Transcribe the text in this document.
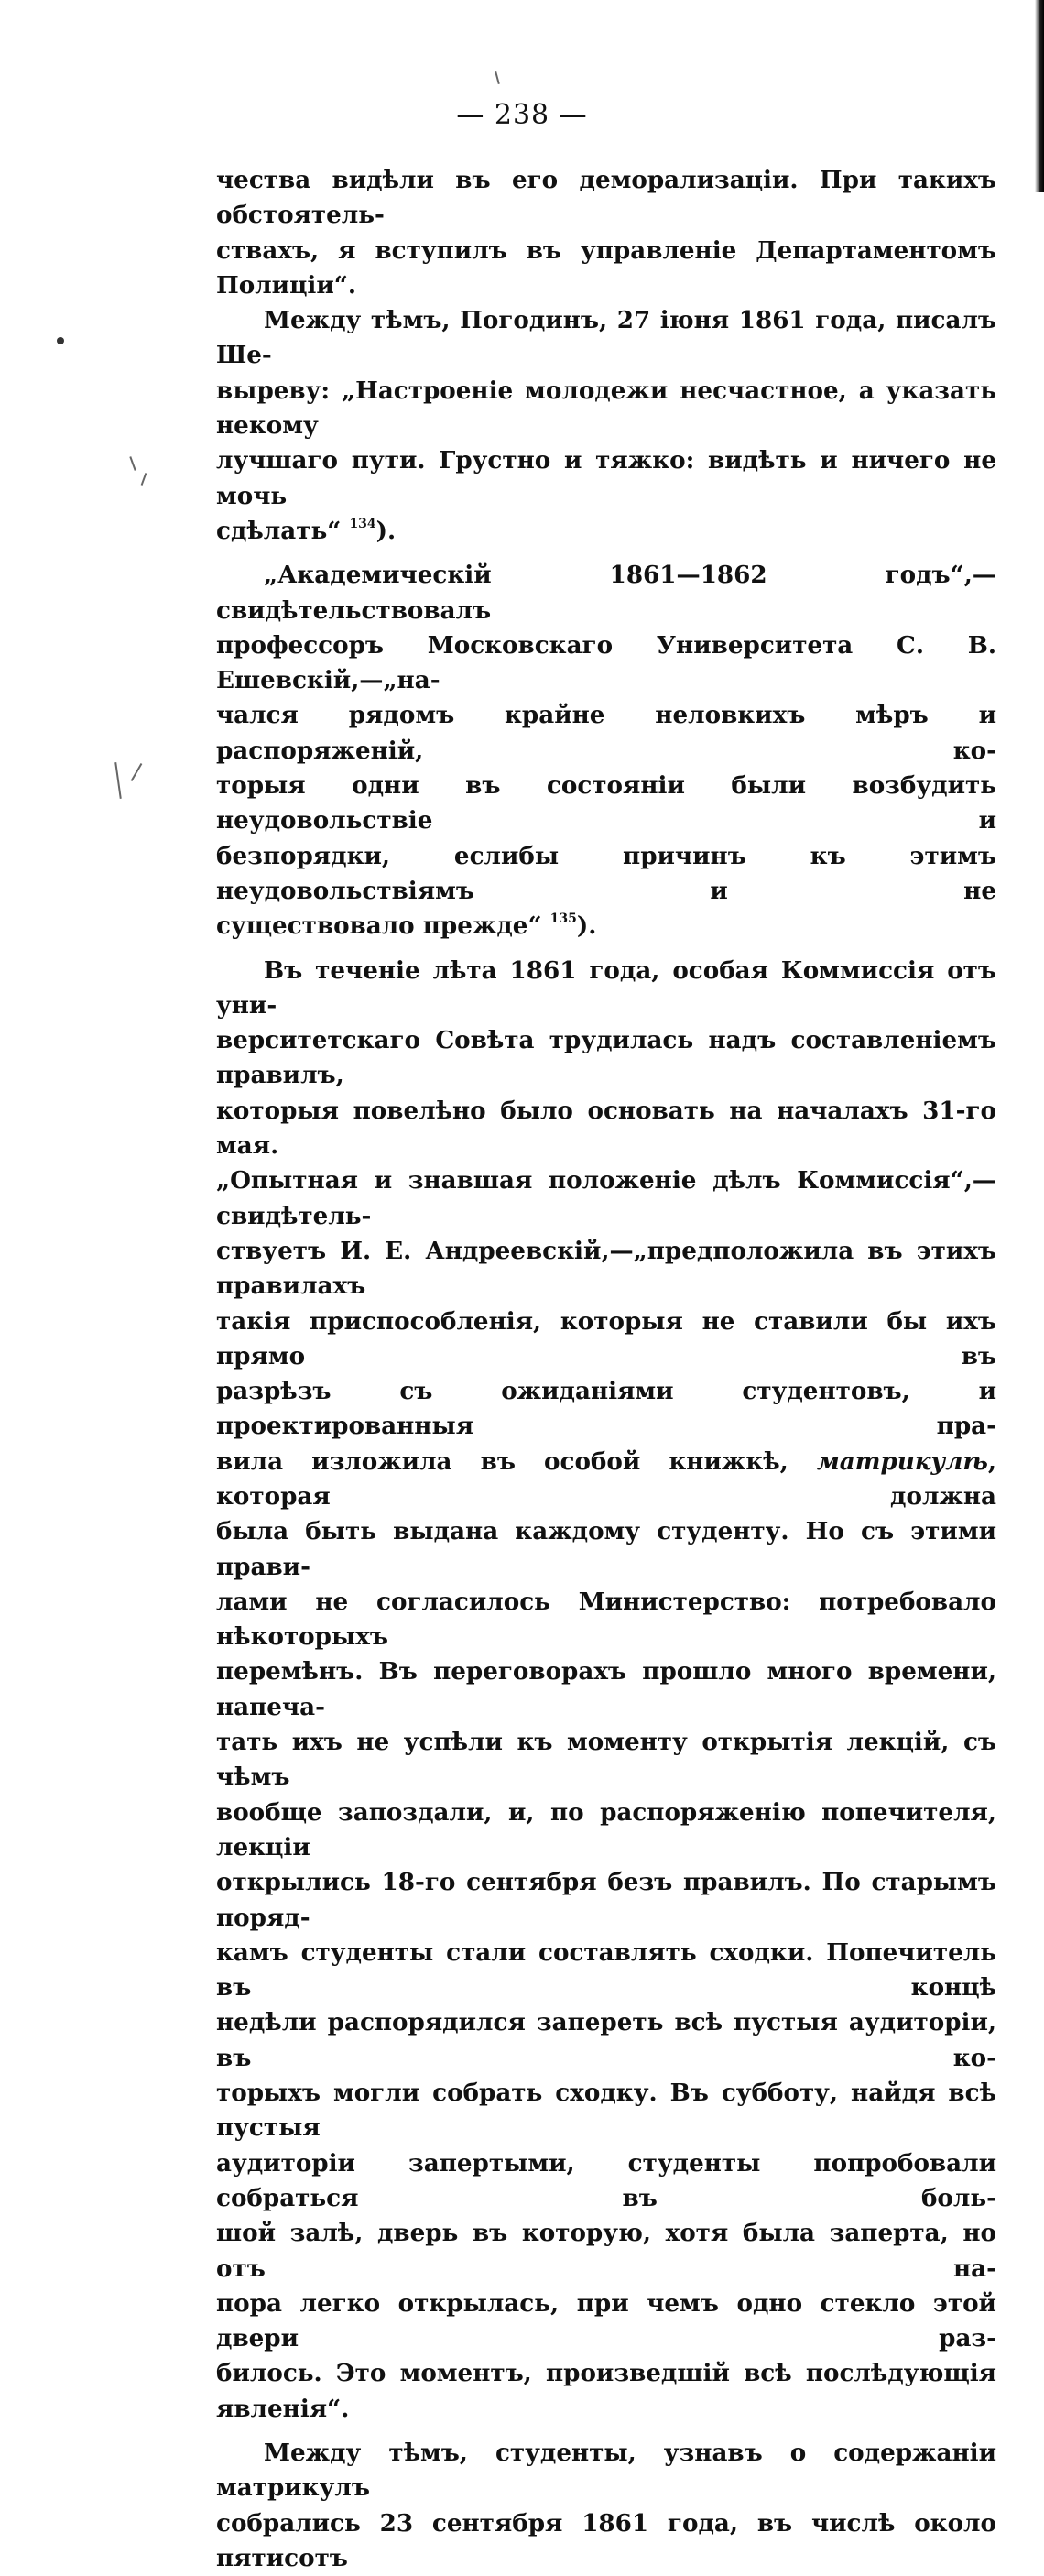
— 238 —

чества видѣли въ его деморализаціи. При такихъ обстоятель-

ствахъ, я вступилъ въ управленіе Департаментомъ Полиціи“.

Между тѣмъ, Погодинъ, 27 іюня 1861 года, писалъ Ше-

выреву: „Настроеніе молодежи несчастное, а указать некому

лучшаго пути. Грустно и тяжко: видѣть и ничего не мочь

сдѣлать“ $^{134}$).

„Академическій 1861—1862 годъ“,—свидѣтельствовалъ

профессоръ Московскаго Университета С. В. Ешевскій,—„на-

чался рядомъ крайне неловкихъ мѣръ и распоряженій, ко-

торыя одни въ состояніи были возбудить неудовольствіе и

безпорядки, еслибы причинъ къ этимъ неудовольствіямъ и не

существовало прежде“ $^{135}$).

Въ теченіе лѣта 1861 года, особая Коммиссія отъ уни-

верситетскаго Совѣта трудилась надъ составленіемъ правилъ,

которыя повелѣно было основать на началахъ 31-го мая.

„Опытная и знавшая положеніе дѣлъ Коммиссія“,—свидѣтель-

ствуетъ И. Е. Андреевскій,—„предположила въ этихъ правилахъ

такія приспособленія, которыя не ставили бы ихъ прямо въ

разрѣзъ съ ожиданіями студентовъ, и проектированныя пра-

вила изложила въ особой книжкѣ, матрикулѣ, которая должна

была быть выдана каждому студенту. Но съ этими прави-

лами не согласилось Министерство: потребовало нѣкоторыхъ

перемѣнъ. Въ переговорахъ прошло много времени, напеча-

тать ихъ не успѣли къ моменту открытія лекцій, съ чѣмъ

вообще запоздали, и, по распоряженію попечителя, лекціи

открылись 18-го сентября безъ правилъ. По старымъ поряд-

камъ студенты стали составлять сходки. Попечитель въ концѣ

недѣли распорядился запереть всѣ пустыя аудиторіи, въ ко-

торыхъ могли собрать сходку. Въ субботу, найдя всѣ пустыя

аудиторіи запертыми, студенты попробовали собраться въ боль-

шой залѣ, дверь въ которую, хотя была заперта, но отъ на-

пора легко открылась, при чемъ одно стекло этой двери раз-

билось. Это моментъ, произведшій всѣ послѣдующія явленія“.

Между тѣмъ, студенты, узнавъ о содержаніи матрикулъ

собрались 23 сентября 1861 года, въ числѣ около пятисотъ
